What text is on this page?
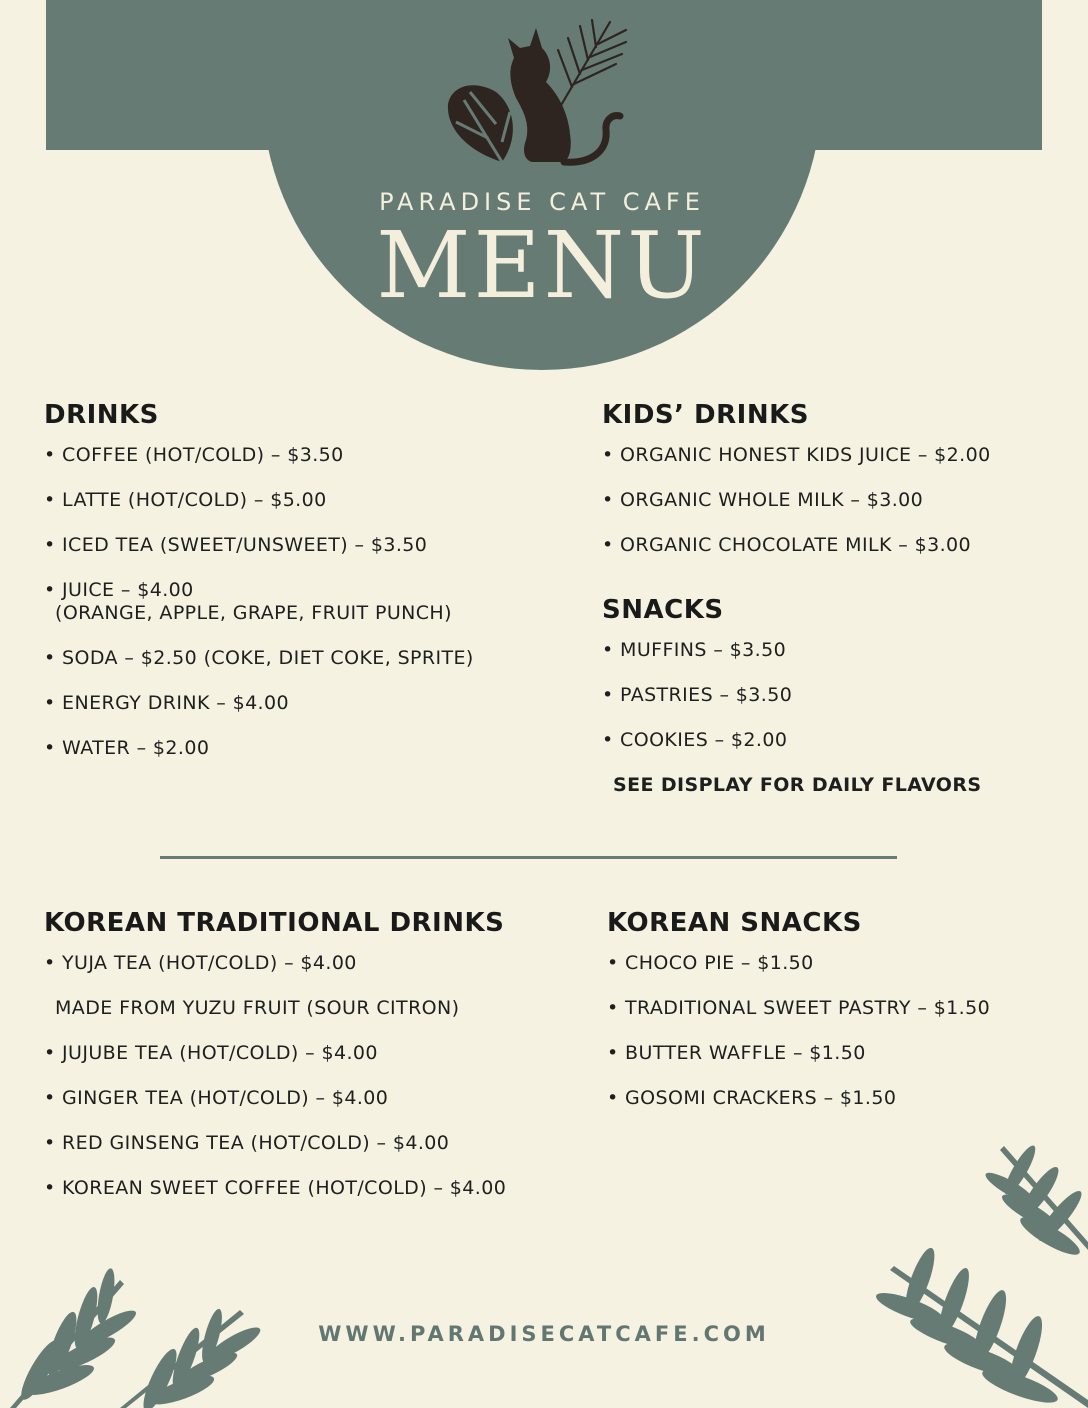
PARADISE CAT CAFE
MENU
DRINKS
• COFFEE (HOT/COLD) – $3.50
• LATTE (HOT/COLD) – $5.00
• ICED TEA (SWEET/UNSWEET) – $3.50
• JUICE – $4.00
(ORANGE, APPLE, GRAPE, FRUIT PUNCH)
• SODA – $2.50 (COKE, DIET COKE, SPRITE)
• ENERGY DRINK – $4.00
• WATER – $2.00
KIDS’ DRINKS
• ORGANIC HONEST KIDS JUICE – $2.00
• ORGANIC WHOLE MILK – $3.00
• ORGANIC CHOCOLATE MILK – $3.00
SNACKS
• MUFFINS – $3.50
• PASTRIES – $3.50
• COOKIES – $2.00
SEE DISPLAY FOR DAILY FLAVORS
KOREAN TRADITIONAL DRINKS
• YUJA TEA (HOT/COLD) – $4.00
MADE FROM YUZU FRUIT (SOUR CITRON)
• JUJUBE TEA (HOT/COLD) – $4.00
• GINGER TEA (HOT/COLD) – $4.00
• RED GINSENG TEA (HOT/COLD) – $4.00
• KOREAN SWEET COFFEE (HOT/COLD) – $4.00
KOREAN SNACKS
• CHOCO PIE – $1.50
• TRADITIONAL SWEET PASTRY – $1.50
• BUTTER WAFFLE – $1.50
• GOSOMI CRACKERS – $1.50
WWW.PARADISECATCAFE.COM
